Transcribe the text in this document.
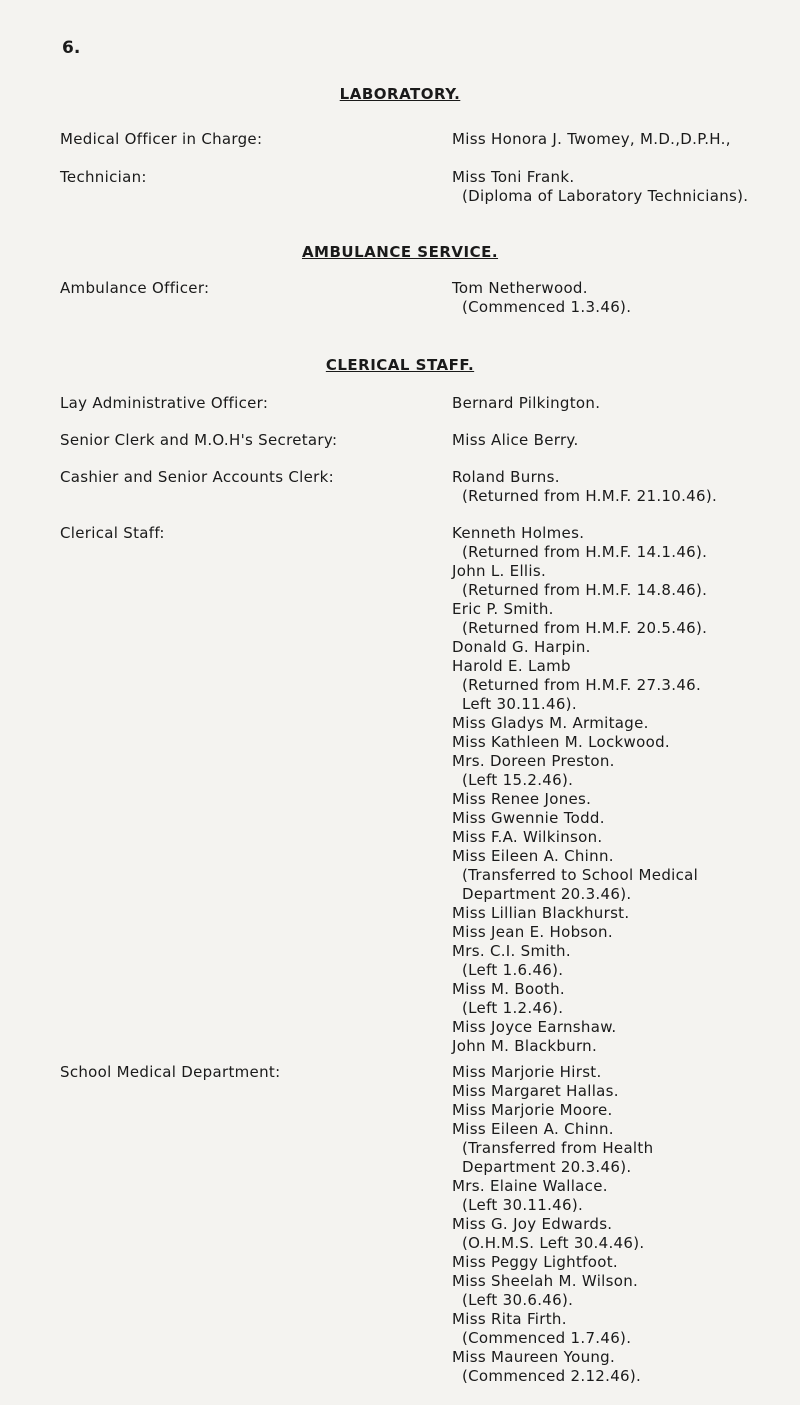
6.
LABORATORY.
Medical Officer in Charge:	Miss Honora J. Twomey, M.D.,D.P.H.,
Technician:	Miss Toni Frank.
(Diploma of Laboratory Technicians).
AMBULANCE SERVICE.
Ambulance Officer:	Tom Netherwood.
(Commenced 1.3.46).
CLERICAL STAFF.
Lay Administrative Officer:	Bernard Pilkington.
Senior Clerk and M.O.H's Secretary:	Miss Alice Berry.
Cashier and Senior Accounts Clerk:	Roland Burns.
(Returned from H.M.F. 21.10.46).
Clerical Staff:	Kenneth Holmes.
(Returned from H.M.F. 14.1.46).
John L. Ellis.
(Returned from H.M.F. 14.8.46).
Eric P. Smith.
(Returned from H.M.F. 20.5.46).
Donald G. Harpin.
Harold E. Lamb
(Returned from H.M.F. 27.3.46.
Left 30.11.46).
Miss Gladys M. Armitage.
Miss Kathleen M. Lockwood.
Mrs. Doreen Preston.
(Left 15.2.46).
Miss Renee Jones.
Miss Gwennie Todd.
Miss F.A. Wilkinson.
Miss Eileen A. Chinn.
(Transferred to School Medical
Department 20.3.46).
Miss Lillian Blackhurst.
Miss Jean E. Hobson.
Mrs. C.I. Smith.
(Left 1.6.46).
Miss M. Booth.
(Left 1.2.46).
Miss Joyce Earnshaw.
John M. Blackburn.
School Medical Department:	Miss Marjorie Hirst.
Miss Margaret Hallas.
Miss Marjorie Moore.
Miss Eileen A. Chinn.
(Transferred from Health
Department 20.3.46).
Mrs. Elaine Wallace.
(Left 30.11.46).
Miss G. Joy Edwards.
(O.H.M.S. Left 30.4.46).
Miss Peggy Lightfoot.
Miss Sheelah M. Wilson.
(Left 30.6.46).
Miss Rita Firth.
(Commenced 1.7.46).
Miss Maureen Young.
(Commenced 2.12.46).
